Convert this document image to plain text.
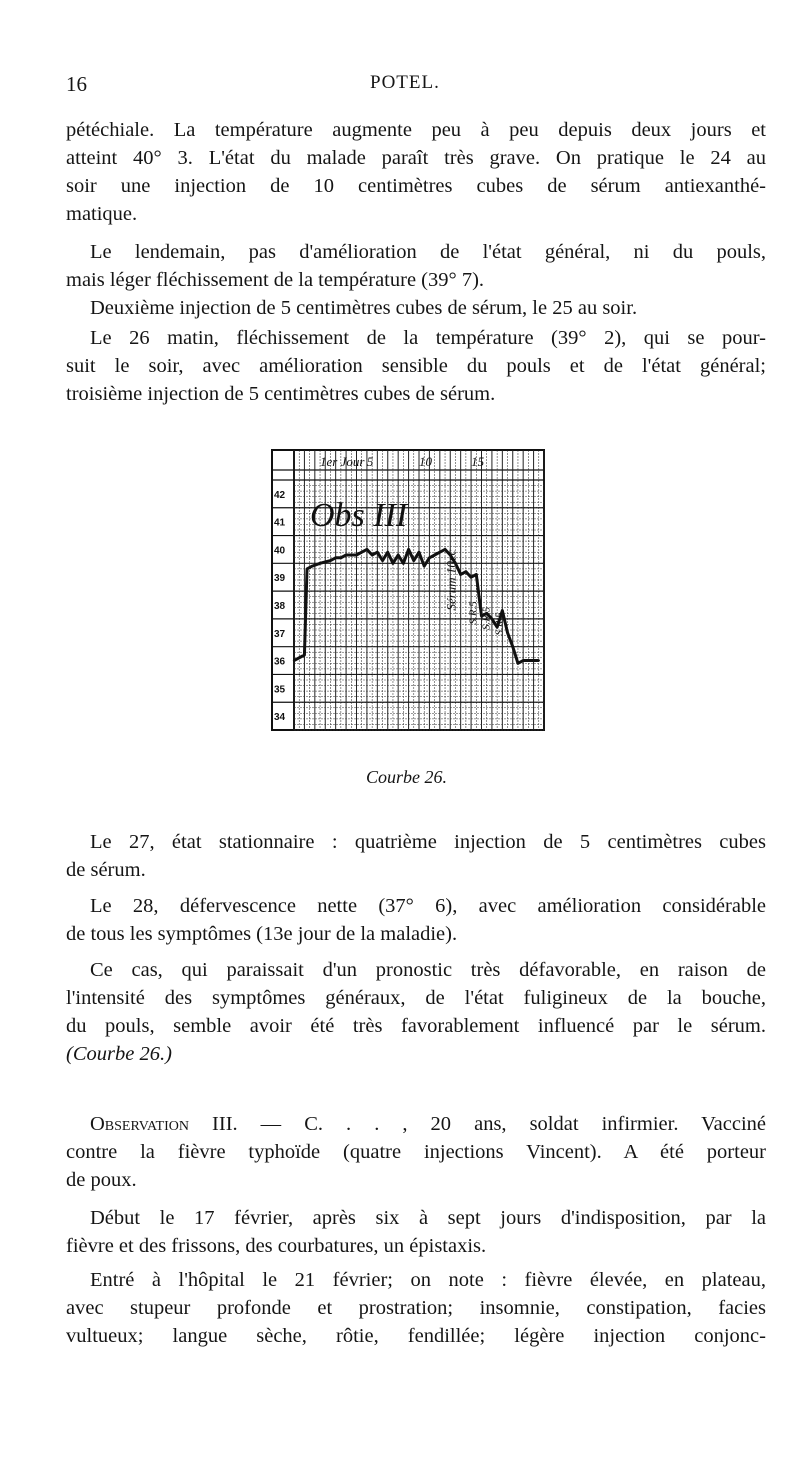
16	POTEL.

pétéchiale. La température augmente peu à peu depuis deux jours et
atteint 40° 3. L'état du malade paraît très grave. On pratique le 24 au
soir une injection de 10 centimètres cubes de sérum antiexanthé-
matique.

Le lendemain, pas d'amélioration de l'état général, ni du pouls,
mais léger fléchissement de la température (39° 7).

Deuxième injection de 5 centimètres cubes de sérum, le 25 au soir.

Le 26 matin, fléchissement de la température (39° 2), qui se pour-
suit le soir, avec amélioration sensible du pouls et de l'état général;
troisième injection de 5 centimètres cubes de sérum.

42
41
40
39
38
37
36
35
34
1er Jour 5	10	15
Obs III
Sérum 10cc
S.R.5 S.R.5 S.R.5
Courbe 26.

Le 27, état stationnaire : quatrième injection de 5 centimètres cubes
de sérum.

Le 28, défervescence nette (37° 6), avec amélioration considérable
de tous les symptômes (13e jour de la maladie).

Ce cas, qui paraissait d'un pronostic très défavorable, en raison de
l'intensité des symptômes généraux, de l'état fuligineux de la bouche,
du pouls, semble avoir été très favorablement influencé par le sérum.
(Courbe 26.)

Observation III. — C. . . , 20 ans, soldat infirmier. Vacciné
contre la fièvre typhoïde (quatre injections Vincent). A été porteur
de poux.

Début le 17 février, après six à sept jours d'indisposition, par la
fièvre et des frissons, des courbatures, un épistaxis.

Entré à l'hôpital le 21 février; on note : fièvre élevée, en plateau,
avec stupeur profonde et prostration; insomnie, constipation, facies
vultueux; langue sèche, rôtie, fendillée; légère injection conjonc-
